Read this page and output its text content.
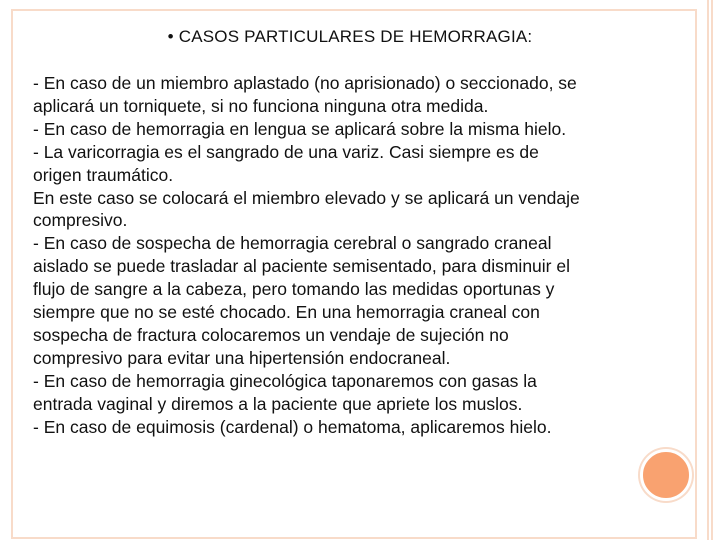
• CASOS PARTICULARES DE HEMORRAGIA:
- En caso de un miembro aplastado (no aprisionado) o seccionado, se
aplicará un torniquete, si no funciona ninguna otra medida.
- En caso de hemorragia en lengua se aplicará sobre la misma hielo.
- La varicorragia es el sangrado de una variz. Casi siempre es de
origen traumático.
En este caso se colocará el miembro elevado y se aplicará un vendaje
compresivo.
- En caso de sospecha de hemorragia cerebral o sangrado craneal
aislado se puede trasladar al paciente semisentado, para disminuir el
flujo de sangre a la cabeza, pero tomando las medidas oportunas y
siempre que no se esté chocado. En una hemorragia craneal con
sospecha de fractura colocaremos un vendaje de sujeción no
compresivo para evitar una hipertensión endocraneal.
- En caso de hemorragia ginecológica taponaremos con gasas la
entrada vaginal y diremos a la paciente que apriete los muslos.
- En caso de equimosis (cardenal) o hematoma, aplicaremos hielo.
